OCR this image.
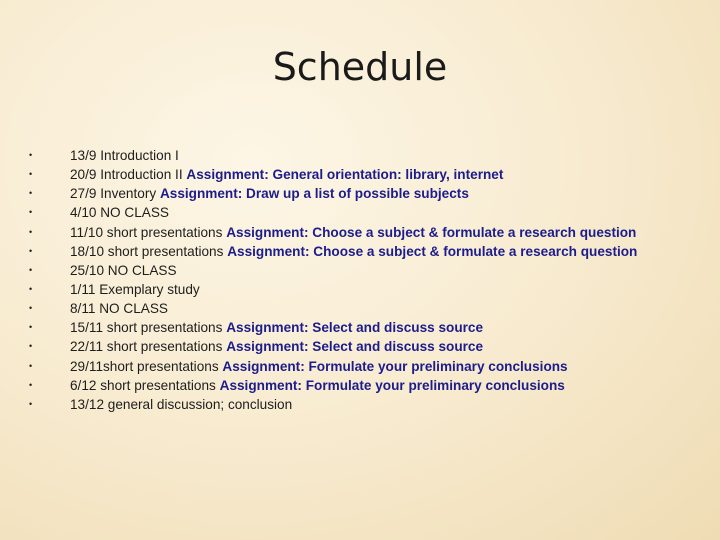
Schedule
•	13/9 Introduction I
•	20/9 Introduction II Assignment: General orientation: library, internet
•	27/9 Inventory Assignment: Draw up a list of possible subjects
•	4/10 NO CLASS
•	11/10 short presentations Assignment: Choose a subject & formulate a research question
•	18/10 short presentations Assignment: Choose a subject & formulate a research question
•	25/10 NO CLASS
•	1/11 Exemplary study
•	8/11 NO CLASS
•	15/11 short presentations Assignment: Select and discuss source
•	22/11 short presentations Assignment: Select and discuss source
•	29/11short presentations Assignment: Formulate your preliminary conclusions
•	6/12 short presentations Assignment: Formulate your preliminary conclusions
•	13/12 general discussion; conclusion
